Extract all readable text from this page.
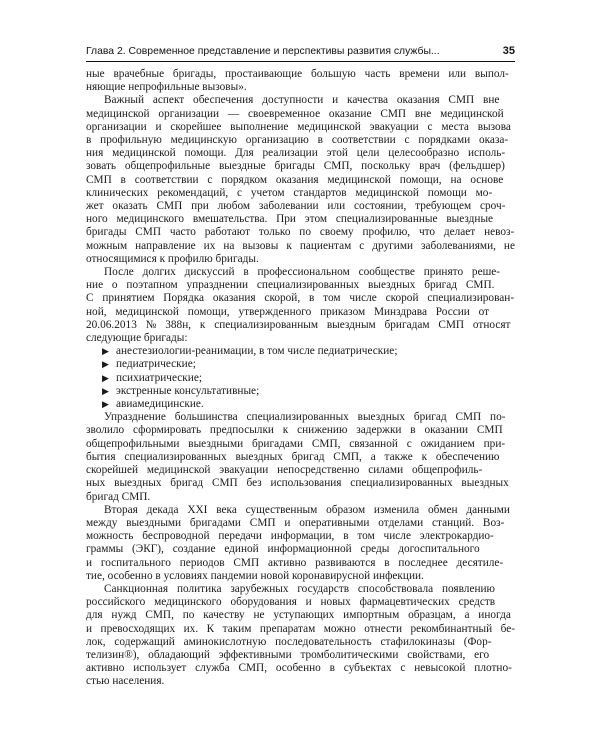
Глава 2. Современное представление и перспективы развития службы...	35

ные врачебные бригады, простаивающие большую часть времени или выпол-
няющие непрофильные вызовы».

Важный аспект обеспечения доступности и качества оказания СМП вне
медицинской организации — своевременное оказание СМП вне медицинской
организации и скорейшее выполнение медицинской эвакуации с места вызова
в профильную медицинскую организацию в соответствии с порядками оказа-
ния медицинской помощи. Для реализации этой цели целесообразно исполь-
зовать общепрофильные выездные бригады СМП, поскольку врач (фельдшер)
СМП в соответствии с порядком оказания медицинской помощи, на основе
клинических рекомендаций, с учетом стандартов медицинской помощи мо-
жет оказать СМП при любом заболевании или состоянии, требующем сроч-
ного медицинского вмешательства. При этом специализированные выездные
бригады СМП часто работают только по своему профилю, что делает невоз-
можным направление их на вызовы к пациентам с другими заболеваниями, не
относящимися к профилю бригады.

После долгих дискуссий в профессиональном сообществе принято реше-
ние о поэтапном упразднении специализированных выездных бригад СМП.
С принятием Порядка оказания скорой, в том числе скорой специализирован-
ной, медицинской помощи, утвержденного приказом Минздрава России от
20.06.2013 № 388н, к специализированным выездным бригадам СМП относят
следующие бригады:

▶ анестезиологии-реанимации, в том числе педиатрические;
▶ педиатрические;
▶ психиатрические;
▶ экстренные консультативные;
▶ авиамедицинские.

Упразднение большинства специализированных выездных бригад СМП по-
зволило сформировать предпосылки к снижению задержки в оказании СМП
общепрофильными выездными бригадами СМП, связанной с ожиданием при-
бытия специализированных выездных бригад СМП, а также к обеспечению
скорейшей медицинской эвакуации непосредственно силами общепрофиль-
ных выездных бригад СМП без использования специализированных выездных
бригад СМП.

Вторая декада XXI века существенным образом изменила обмен данными
между выездными бригадами СМП и оперативными отделами станций. Воз-
можность беспроводной передачи информации, в том числе электрокардио-
граммы (ЭКГ), создание единой информационной среды догоспитального
и госпитального периодов СМП активно развиваются в последнее десятиле-
тие, особенно в условиях пандемии новой коронавирусной инфекции.

Санкционная политика зарубежных государств способствовала появлению
российского медицинского оборудования и новых фармацевтических средств
для нужд СМП, по качеству не уступающих импортным образцам, а иногда
и превосходящих их. К таким препаратам можно отнести рекомбинантный бе-
лок, содержащий аминокислотную последовательность стафилокиназы (Фор-
телизин®), обладающий эффективными тромболитическими свойствами, его
активно использует служба СМП, особенно в субъектах с невысокой плотно-
стью населения.
